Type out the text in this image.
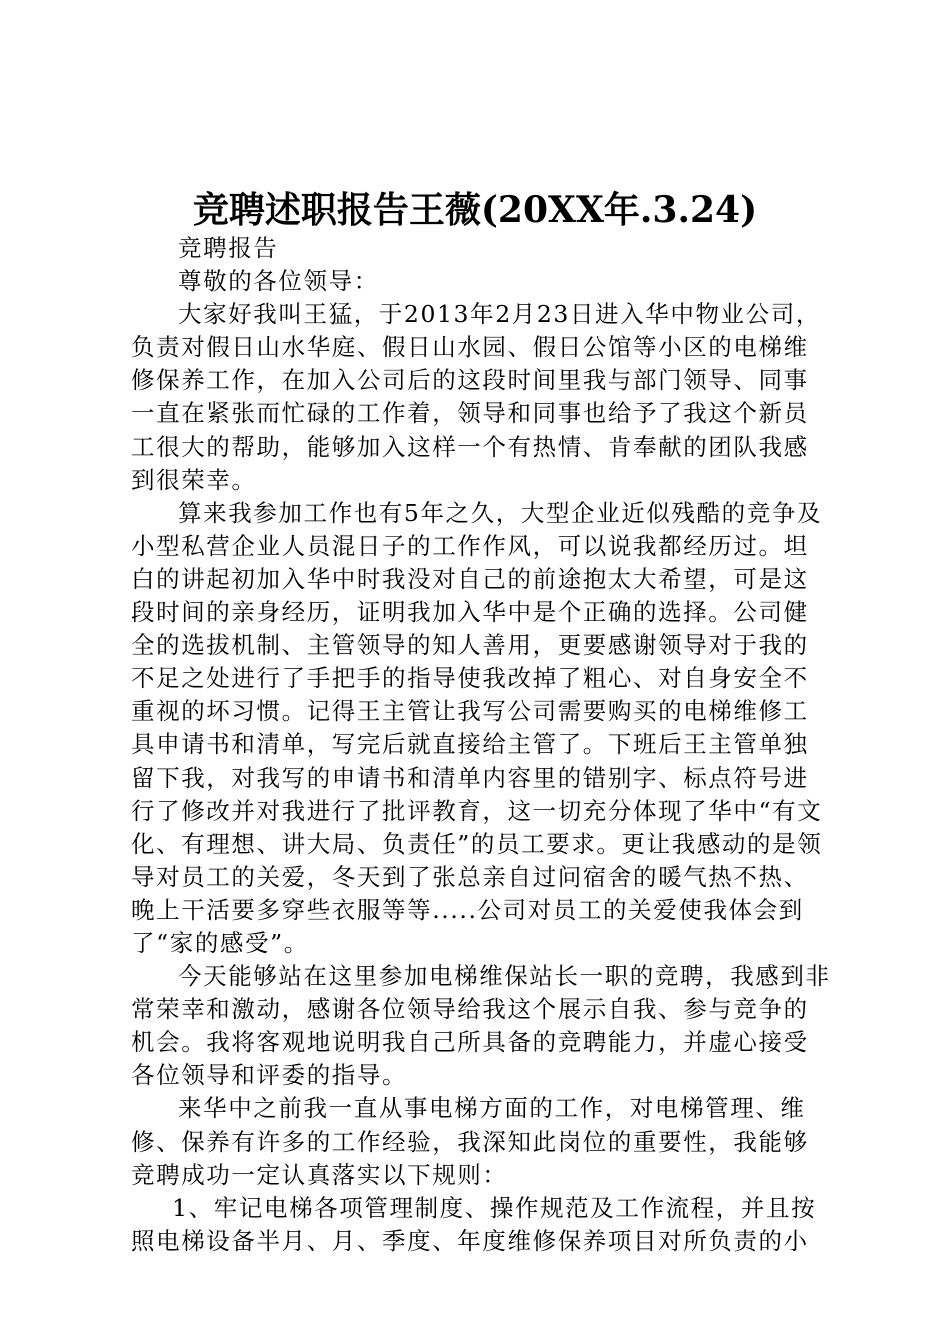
竞聘述职报告王薇(20XX年.3.24)

竞聘报告

尊敬的各位领导：

大家好我叫王猛，于2013年2月23日进入华中物业公司，负责对假日山水华庭、假日山水园、假日公馆等小区的电梯维修保养工作，在加入公司后的这段时间里我与部门领导、同事一直在紧张而忙碌的工作着，领导和同事也给予了我这个新员工很大的帮助，能够加入这样一个有热情、肯奉献的团队我感到很荣幸。

算来我参加工作也有5年之久，大型企业近似残酷的竞争及小型私营企业人员混日子的工作作风，可以说我都经历过。坦白的讲起初加入华中时我没对自己的前途抱太大希望，可是这段时间的亲身经历，证明我加入华中是个正确的选择。公司健全的选拔机制、主管领导的知人善用，更要感谢领导对于我的不足之处进行了手把手的指导使我改掉了粗心、对自身安全不重视的坏习惯。记得王主管让我写公司需要购买的电梯维修工具申请书和清单，写完后就直接给主管了。下班后王主管单独留下我，对我写的申请书和清单内容里的错别字、标点符号进行了修改并对我进行了批评教育，这一切充分体现了华中“有文化、有理想、讲大局、负责任”的员工要求。更让我感动的是领导对员工的关爱，冬天到了张总亲自过问宿舍的暖气热不热、晚上干活要多穿些衣服等等.....公司对员工的关爱使我体会到了“家的感受”。

今天能够站在这里参加电梯维保站长一职的竞聘，我感到非常荣幸和激动，感谢各位领导给我这个展示自我、参与竞争的机会。我将客观地说明我自己所具备的竞聘能力，并虚心接受各位领导和评委的指导。

来华中之前我一直从事电梯方面的工作，对电梯管理、维修、保养有许多的工作经验，我深知此岗位的重要性，我能够竞聘成功一定认真落实以下规则：

1、牢记电梯各项管理制度、操作规范及工作流程，并且按照电梯设备半月、月、季度、年度维修保养项目对所负责的小
